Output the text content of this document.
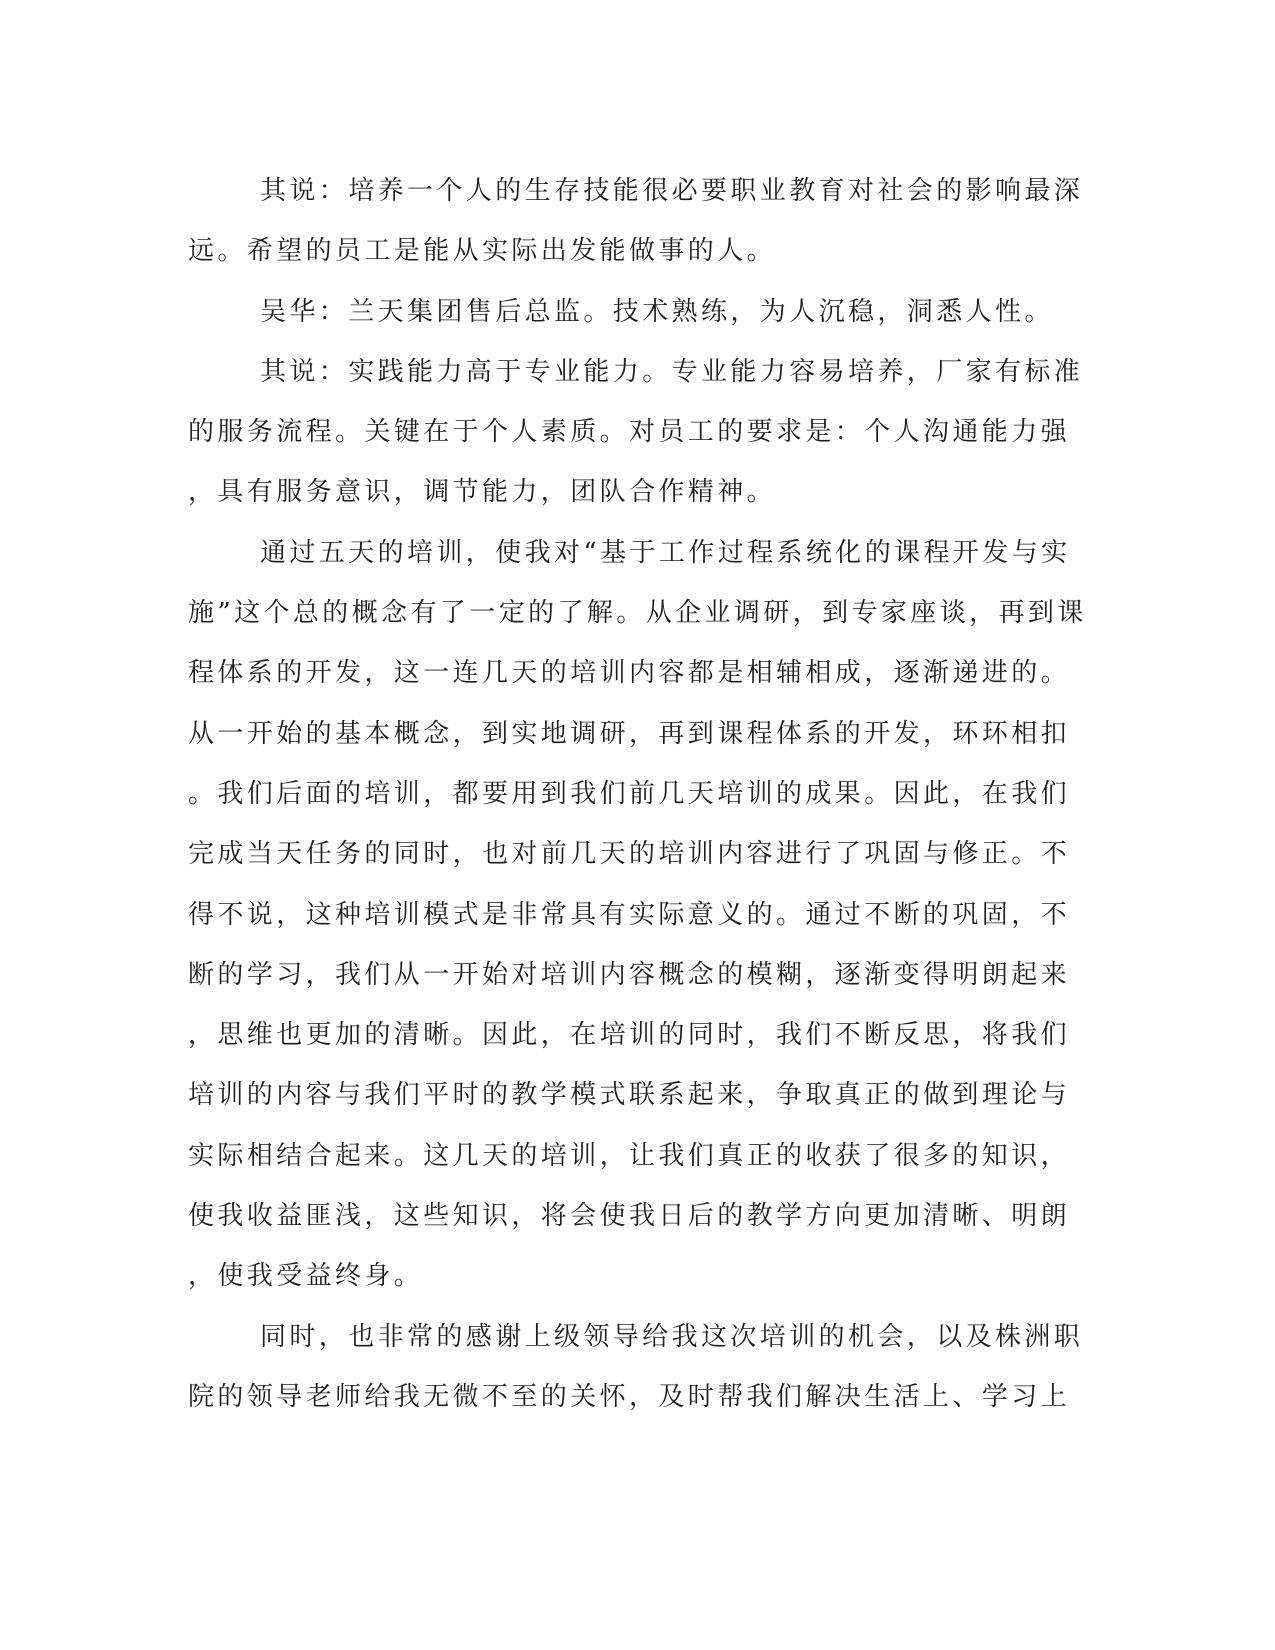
其说：培养一个人的生存技能很必要职业教育对社会的影响最深
远。希望的员工是能从实际出发能做事的人。
吴华：兰天集团售后总监。技术熟练，为人沉稳，洞悉人性。
其说：实践能力高于专业能力。专业能力容易培养，厂家有标准
的服务流程。关键在于个人素质。对员工的要求是：个人沟通能力强
，具有服务意识，调节能力，团队合作精神。
通过五天的培训，使我对“基于工作过程系统化的课程开发与实
施”这个总的概念有了一定的了解。从企业调研，到专家座谈，再到课
程体系的开发，这一连几天的培训内容都是相辅相成，逐渐递进的。
从一开始的基本概念，到实地调研，再到课程体系的开发，环环相扣
。我们后面的培训，都要用到我们前几天培训的成果。因此，在我们
完成当天任务的同时，也对前几天的培训内容进行了巩固与修正。不
得不说，这种培训模式是非常具有实际意义的。通过不断的巩固，不
断的学习，我们从一开始对培训内容概念的模糊，逐渐变得明朗起来
，思维也更加的清晰。因此，在培训的同时，我们不断反思，将我们
培训的内容与我们平时的教学模式联系起来，争取真正的做到理论与
实际相结合起来。这几天的培训，让我们真正的收获了很多的知识，
使我收益匪浅，这些知识，将会使我日后的教学方向更加清晰、明朗
，使我受益终身。
同时，也非常的感谢上级领导给我这次培训的机会，以及株洲职
院的领导老师给我无微不至的关怀，及时帮我们解决生活上、学习上
